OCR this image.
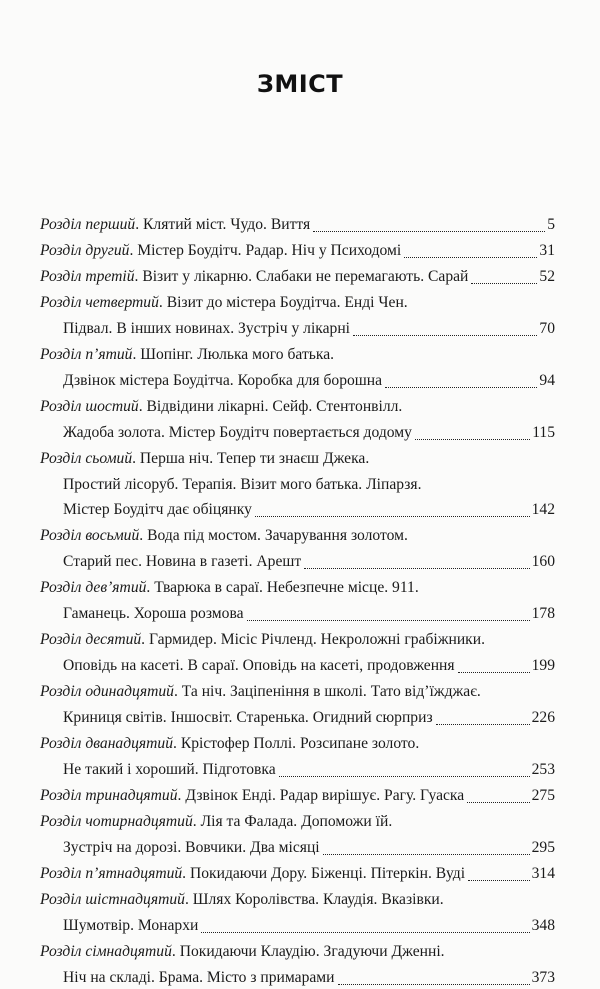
ЗМІСТ
Розділ перший . Клятий міст. Чудо. Виття	5
Розділ другий . Містер Боудітч. Радар. Ніч у Психодомі	31
Розділ третій . Візит у лікарню. Слабаки не перемагають. Сарай	52
Розділ четвертий . Візит до містера Боудітча. Енді Чен.
Підвал. В інших новинах. Зустріч у лікарні	70
Розділ п’ятий . Шопінг. Люлька мого батька.
Дзвінок містера Боудітча. Коробка для борошна	94
Розділ шостий . Відвідини лікарні. Сейф. Стентонвілл.
Жадоба золота. Містер Боудітч повертається додому	115
Розділ сьомий . Перша ніч. Тепер ти знаєш Джека.
Простий лісоруб. Терапія. Візит мого батька. Ліпарзя.
Містер Боудітч дає обіцянку	142
Розділ восьмий . Вода під мостом. Зачарування золотом.
Старий пес. Новина в газеті. Арешт	160
Розділ дев’ятий . Тварюка в сараї. Небезпечне місце. 911.
Гаманець. Хороша розмова	178
Розділ десятий . Гармидер. Місіс Річленд. Некроложні грабіжники.
Оповідь на касеті. В сараї. Оповідь на касеті, продовження	199
Розділ одинадцятий . Та ніч. Заціпеніння в школі. Тато від’їжджає.
Криниця світів. Іншосвіт. Старенька. Огидний сюрприз	226
Розділ дванадцятий . Крістофер Поллі. Розсипане золото.
Не такий і хороший. Підготовка	253
Розділ тринадцятий . Дзвінок Енді. Радар вирішує. Рагу. Гуаска	275
Розділ чотирнадцятий . Лія та Фалада. Допоможи їй.
Зустріч на дорозі. Вовчики. Два місяці	295
Розділ п’ятнадцятий . Покидаючи Дору. Біженці. Пітеркін. Вуді	314
Розділ шістнадцятий . Шлях Королівства. Клаудія. Вказівки.
Шумотвір. Монархи	348
Розділ сімнадцятий . Покидаючи Клаудію. Згадуючи Дженні.
Ніч на складі. Брама. Місто з примарами	373
